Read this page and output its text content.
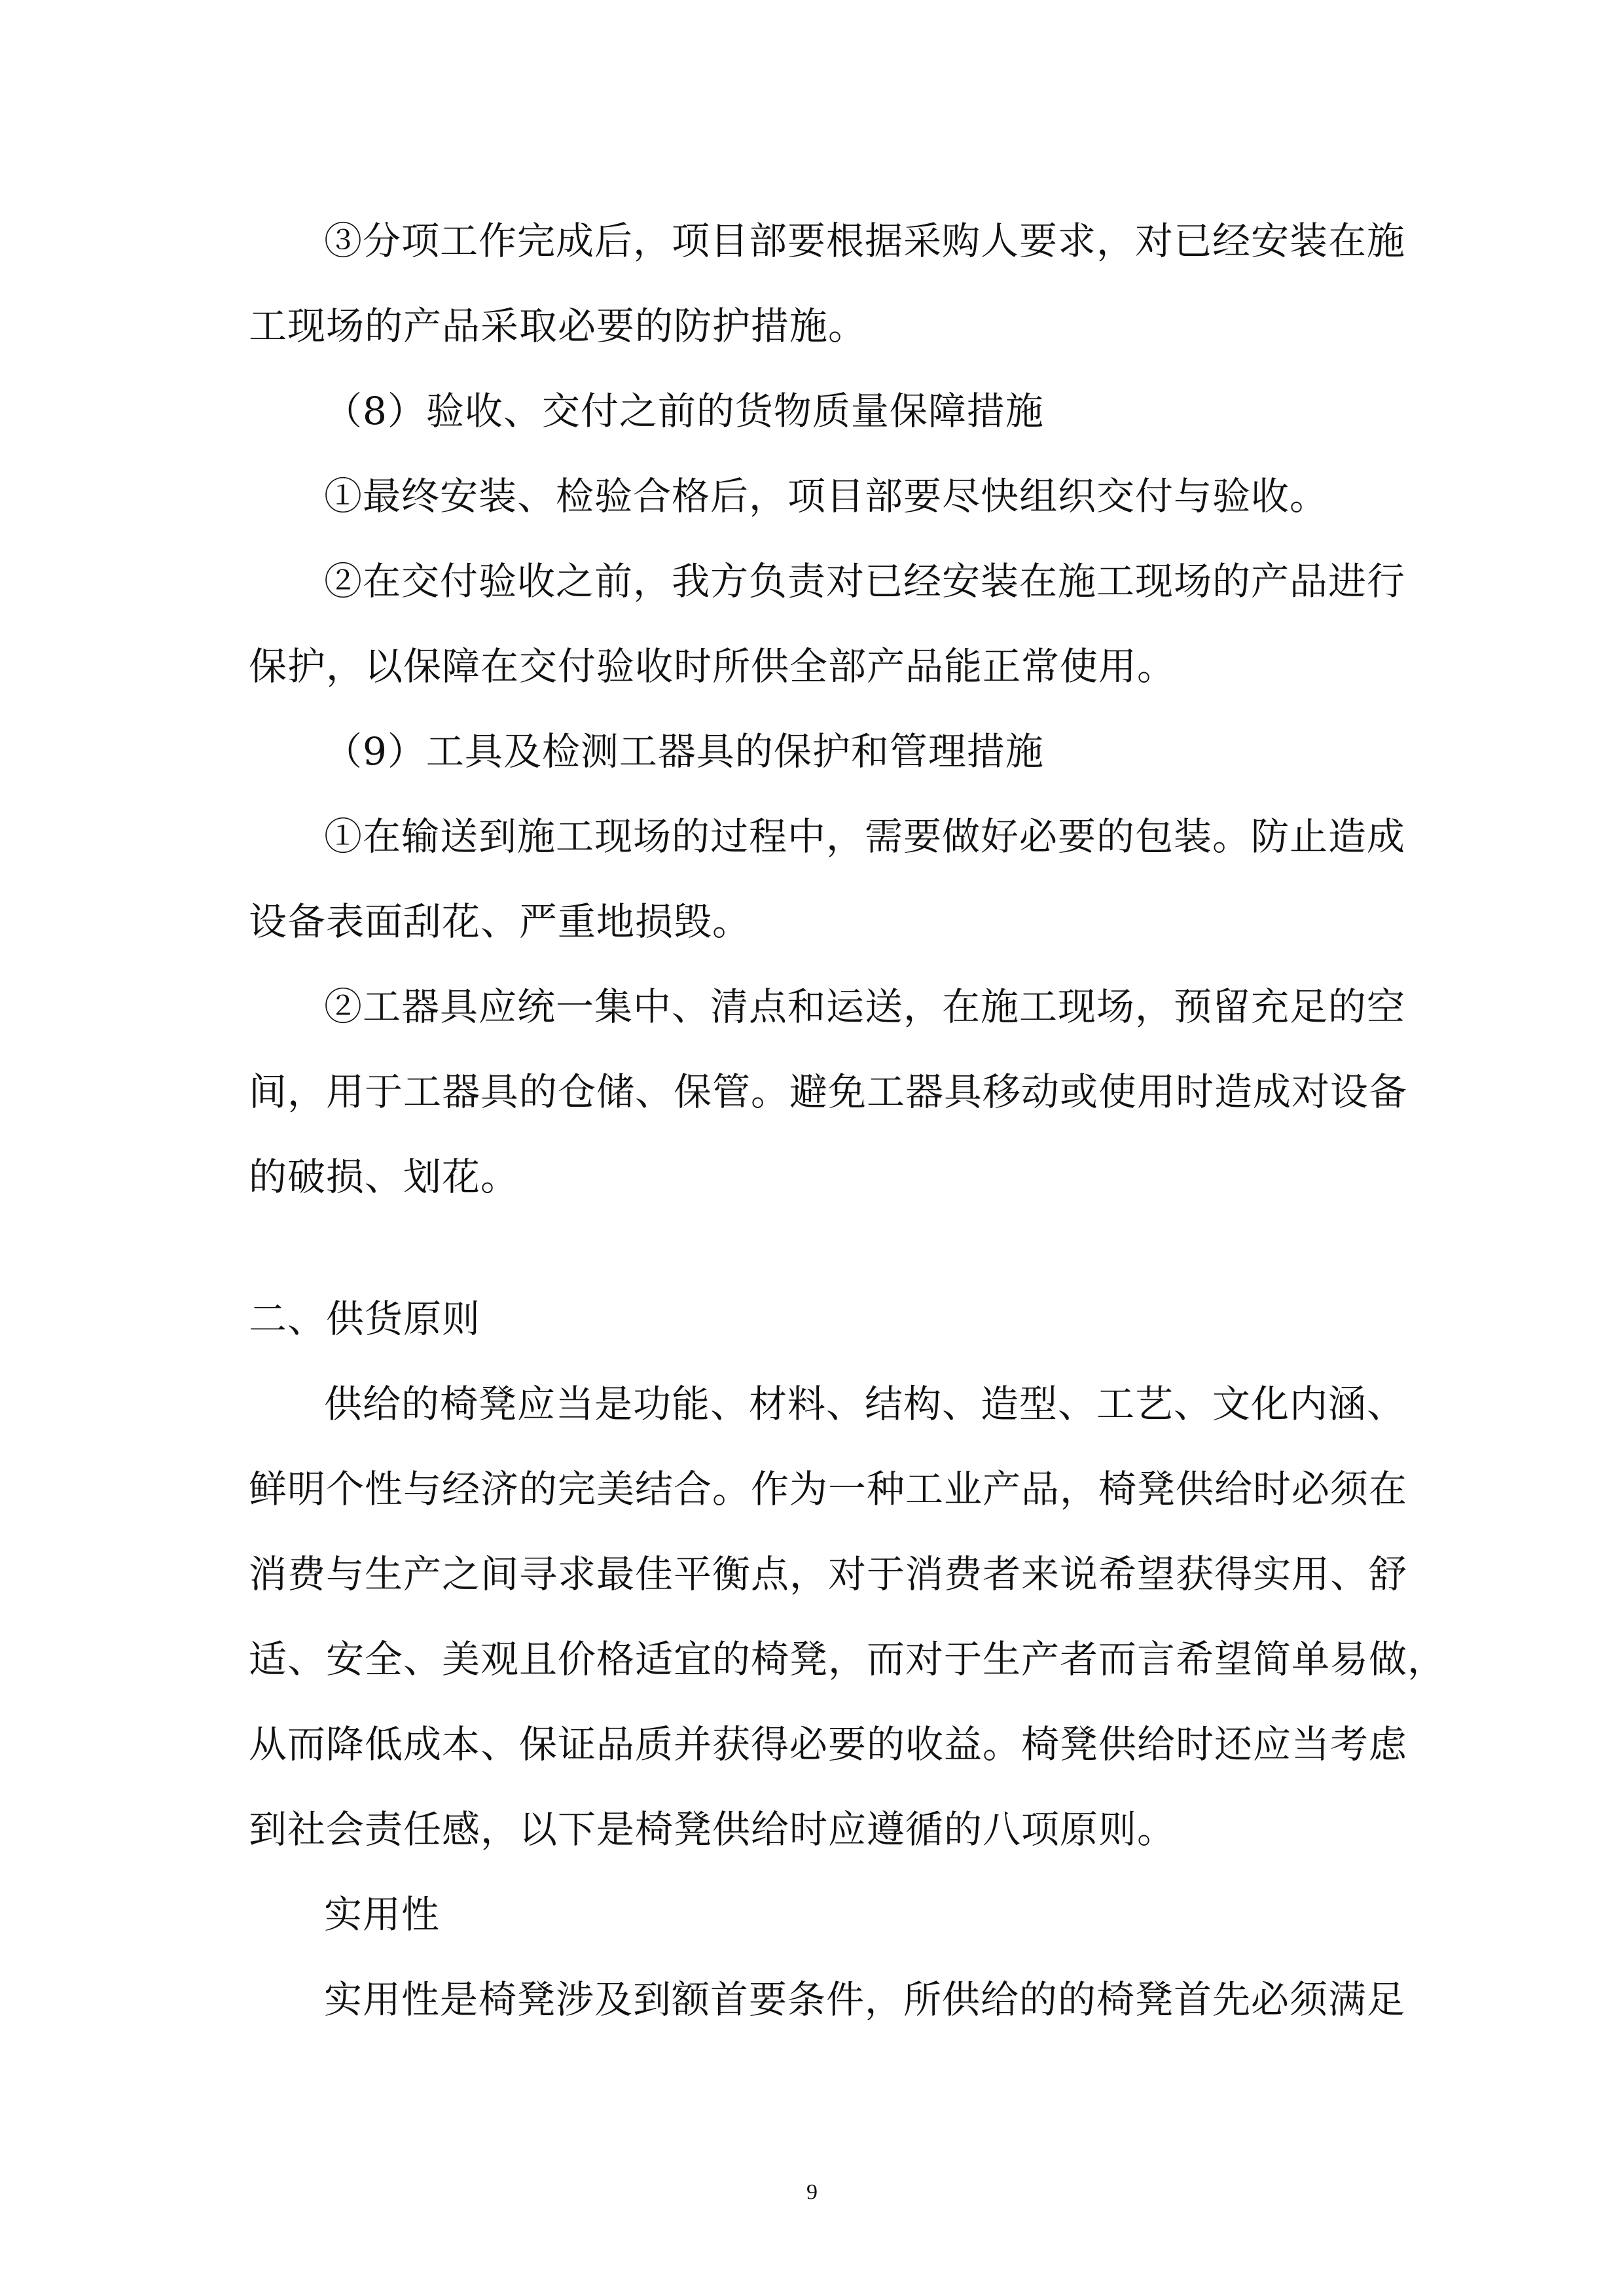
③分项工作完成后，项目部要根据采购人要求，对已经安装在施
工现场的产品采取必要的防护措施。
（8）验收、交付之前的货物质量保障措施
①最终安装、检验合格后，项目部要尽快组织交付与验收。
②在交付验收之前，我方负责对已经安装在施工现场的产品进行
保护，以保障在交付验收时所供全部产品能正常使用。
（9）工具及检测工器具的保护和管理措施
①在输送到施工现场的过程中，需要做好必要的包装。防止造成
设备表面刮花、严重地损毁。
②工器具应统一集中、清点和运送，在施工现场，预留充足的空
间，用于工器具的仓储、保管。避免工器具移动或使用时造成对设备
的破损、划花。
二、供货原则
供给的椅凳应当是功能、材料、结构、造型、工艺、文化内涵、
鲜明个性与经济的完美结合。作为一种工业产品，椅凳供给时必须在
消费与生产之间寻求最佳平衡点，对于消费者来说希望获得实用、舒
适、安全、美观且价格适宜的椅凳，而对于生产者而言希望简单易做，
从而降低成本、保证品质并获得必要的收益。椅凳供给时还应当考虑
到社会责任感，以下是椅凳供给时应遵循的八项原则。
实用性
实用性是椅凳涉及到额首要条件，所供给的的椅凳首先必须满足
9
